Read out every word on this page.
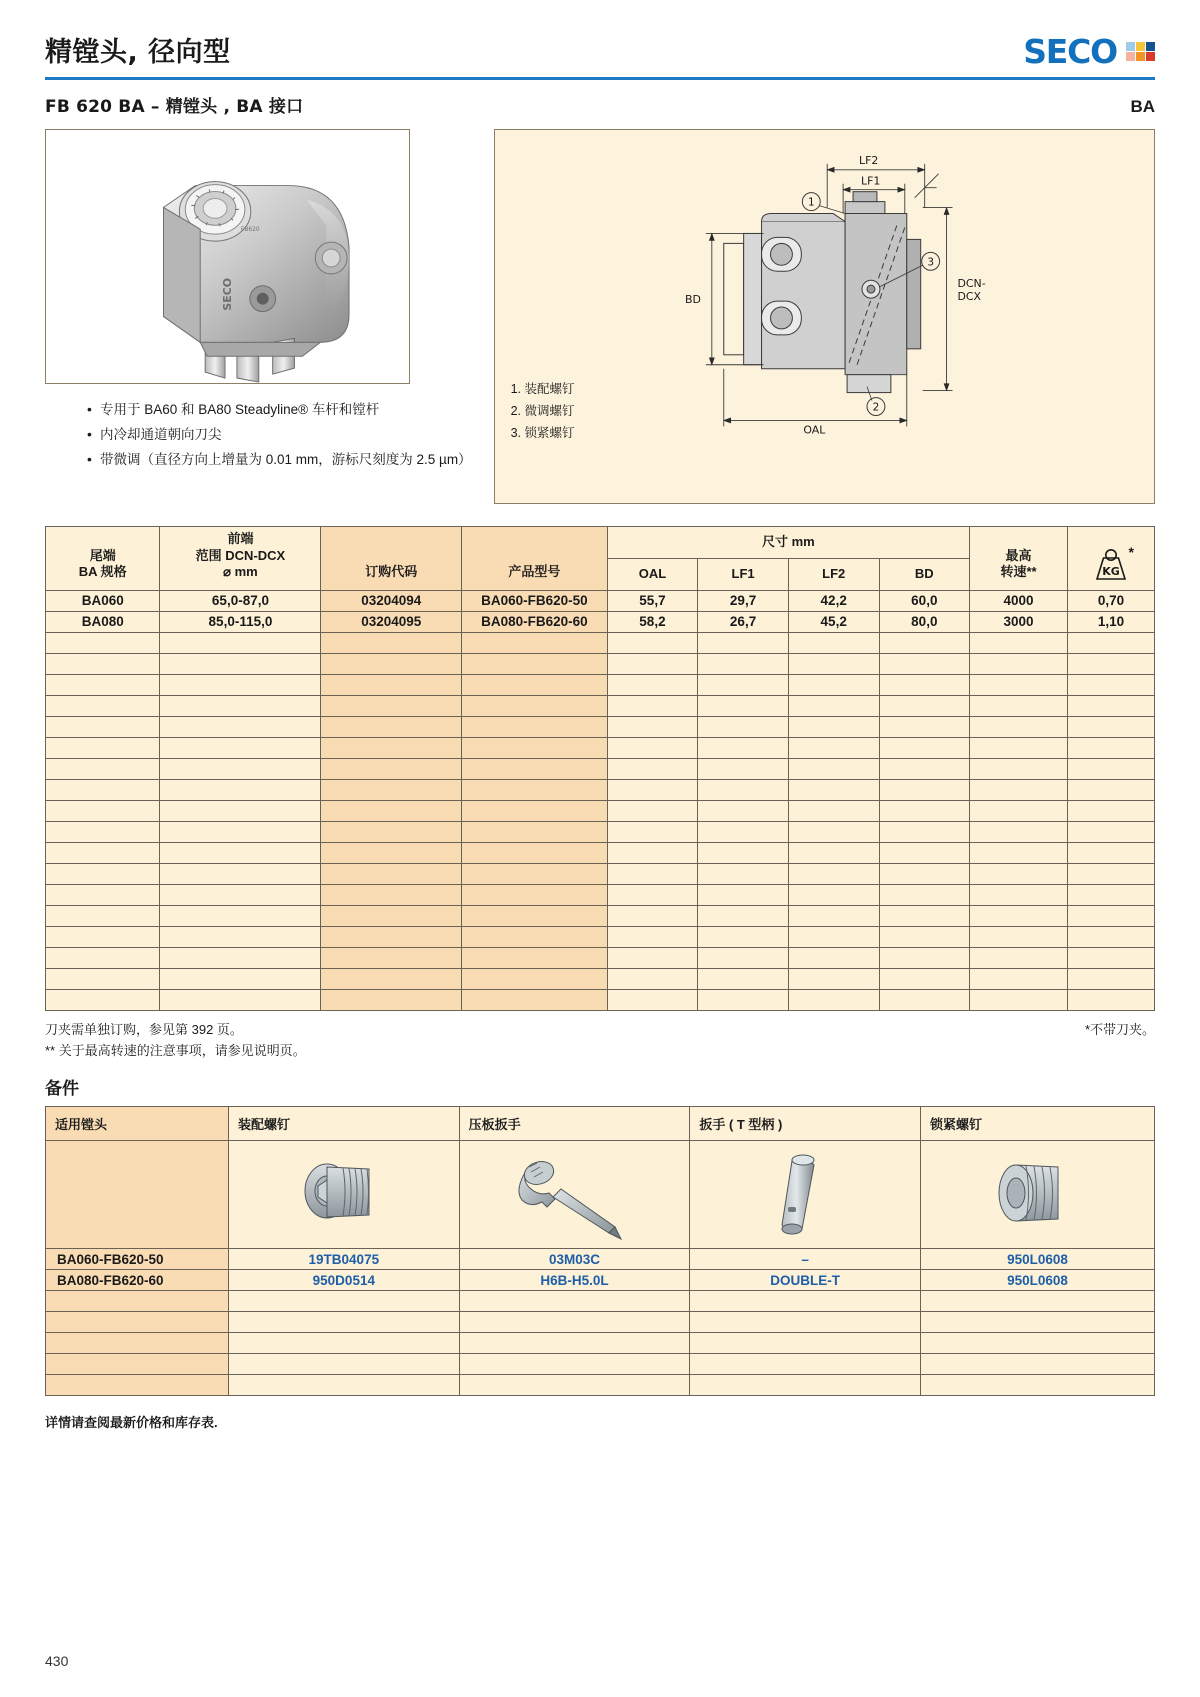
精镗头, 径向型	SECO
FB 620 BA – 精镗头 , BA 接口	BA
SECO
FB620
• 专用于 BA60 和 BA80 Steadyline® 车杆和镗杆
• 内冷却通道朝向刀尖
• 带微调（直径方向上增量为 0.01 mm，游标尺刻度为 2.5 µm）
LF2
LF1
BD
OAL
DCN-
DCX
1
2
3
1. 装配螺钉
2. 微调螺钉
3. 锁紧螺钉
尾端
BA 规格

前端
范围 DCN-DCX
⌀ mm	订购代码	产品型号	尺寸 mm	
最高
转速**	KG
*

				OAL	LF1	LF2	BD		
BA060	65,0-87,0	03204094	BA060-FB620-50	55,7	29,7	42,2	60,0	4000	0,70
BA080	85,0-115,0	03204095	BA080-FB620-60	58,2	26,7	45,2	80,0	3000	1,10

刀夹需单独订购，参见第 392 页。
** 关于最高转速的注意事项，请参见说明页。
*不带刀夹。
备件
适用镗头	装配螺钉	压板扳手	扳手 ( T 型柄 )	锁紧螺钉

BA060-FB620-50	19TB04075	03M03C	–	950L0608
BA080-FB620-60	950D0514	H6B-H5.0L	DOUBLE-T	950L0608

详情请查阅最新价格和库存表.
430
